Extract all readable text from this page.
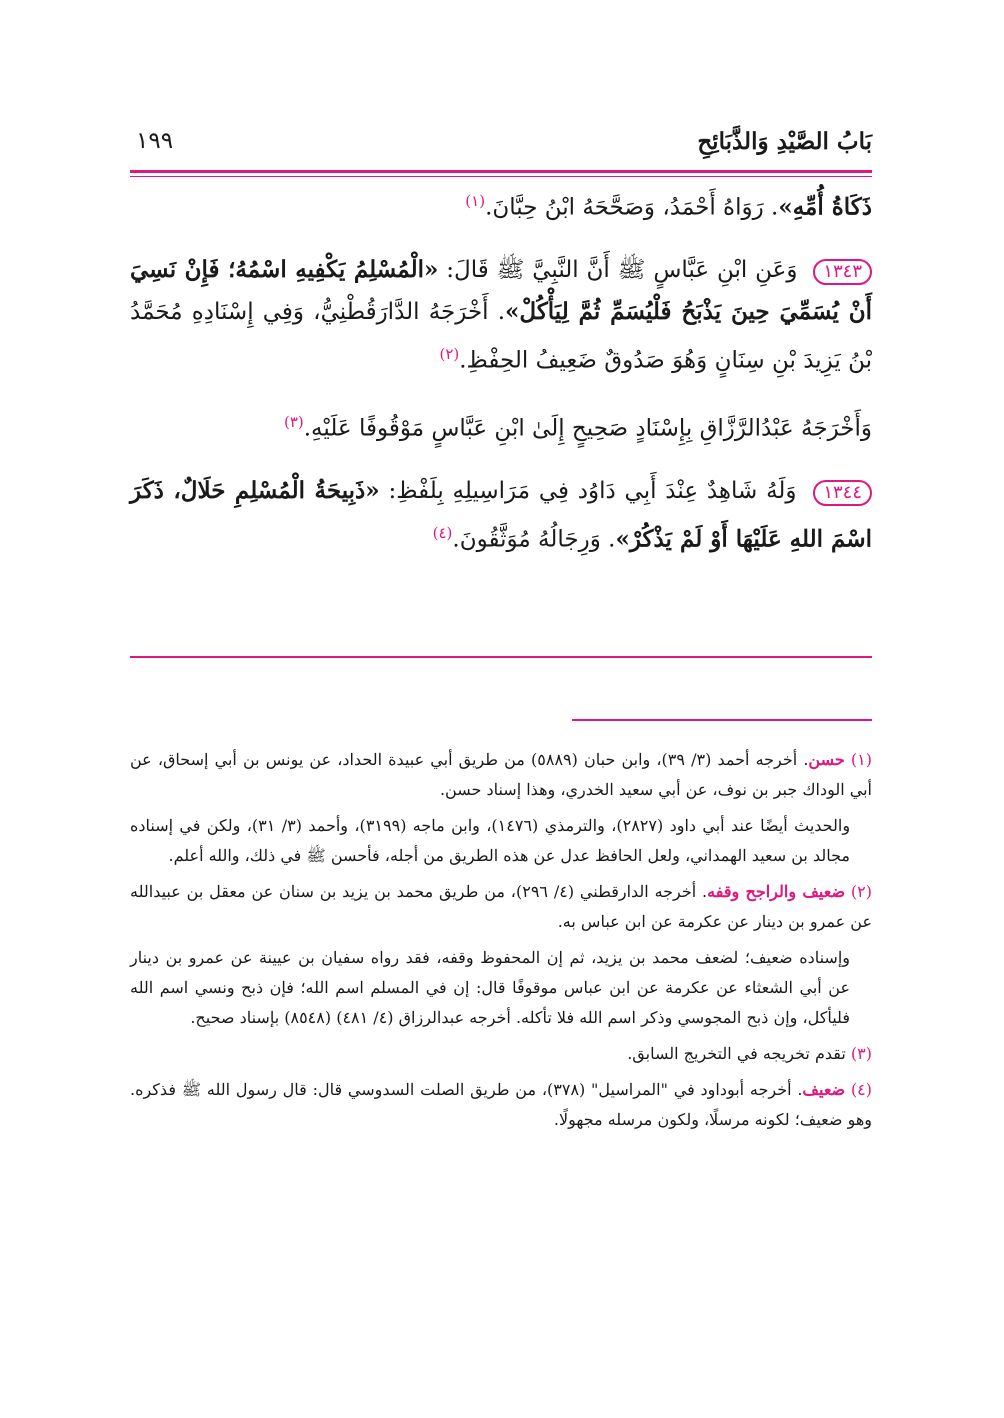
بَابُ الصَّيْدِ وَالذَّبَائِحِ
١٩٩

ذَكَاةُ أُمِّهِ». رَوَاهُ أَحْمَدُ، وَصَحَّحَهُ ابْنُ حِبَّانَ.$^{(١)}$

١٣٤٣ وَعَنِ ابْنِ عَبَّاسٍ ﷺ أَنَّ النَّبِيَّ ﷺ قَالَ: «الْمُسْلِمُ يَكْفِيهِ اسْمُهُ؛ فَإِنْ نَسِيَ أَنْ يُسَمِّيَ حِينَ يَذْبَحُ فَلْيُسَمِّ ثُمَّ لِيَأْكُلْ». أَخْرَجَهُ الدَّارَقُطْنِيُّ، وَفِي إِسْنَادِهِ مُحَمَّدُ بْنُ يَزِيدَ بْنِ سِنَانٍ وَهُوَ صَدُوقٌ ضَعِيفُ الحِفْظِ.$^{(٢)}$

وَأَخْرَجَهُ عَبْدُالرَّزَّاقِ بِإِسْنَادٍ صَحِيحٍ إِلَىٰ ابْنِ عَبَّاسٍ مَوْقُوفًا عَلَيْهِ.$^{(٣)}$

١٣٤٤ وَلَهُ شَاهِدٌ عِنْدَ أَبِي دَاوُد فِي مَرَاسِيلِهِ بِلَفْظِ: «ذَبِيحَةُ الْمُسْلِمِ حَلَالٌ، ذَكَرَ اسْمَ اللهِ عَلَيْهَا أَوْ لَمْ يَذْكُرْ». وَرِجَالُهُ مُوَثَّقُونَ.$^{(٤)}$

(١) حسن. أخرجه أحمد (٣/ ٣٩)، وابن حبان (٥٨٨٩) من طريق أبي عبيدة الحداد، عن يونس بن أبي إسحاق، عن أبي الوداك جبر بن نوف، عن أبي سعيد الخدري، وهذا إسناد حسن.

والحديث أيضًا عند أبي داود (٢٨٢٧)، والترمذي (١٤٧٦)، وابن ماجه (٣١٩٩)، وأحمد (٣/ ٣١)، ولكن في إسناده مجالد بن سعيد الهمداني، ولعل الحافظ عدل عن هذه الطريق من أجله، فأحسن ﷺ في ذلك، والله أعلم.

(٢) ضعيف والراجح وقفه. أخرجه الدارقطني (٤/ ٢٩٦)، من طريق محمد بن يزيد بن سنان عن معقل بن عبيدالله عن عمرو بن دينار عن عكرمة عن ابن عباس به.

وإسناده ضعيف؛ لضعف محمد بن يزيد، ثم إن المحفوظ وقفه، فقد رواه سفيان بن عيينة عن عمرو بن دينار عن أبي الشعثاء عن عكرمة عن ابن عباس موقوفًا قال: إن في المسلم اسم الله؛ فإن ذبح ونسي اسم الله فليأكل، وإن ذبح المجوسي وذكر اسم الله فلا تأكله. أخرجه عبدالرزاق (٤/ ٤٨١) (٨٥٤٨) بإسناد صحيح.

(٣) تقدم تخريجه في التخريج السابق.

(٤) ضعيف. أخرجه أبوداود في "المراسيل" (٣٧٨)، من طريق الصلت السدوسي قال: قال رسول الله ﷺ فذكره. وهو ضعيف؛ لكونه مرسلًا، ولكون مرسله مجهولًا.
